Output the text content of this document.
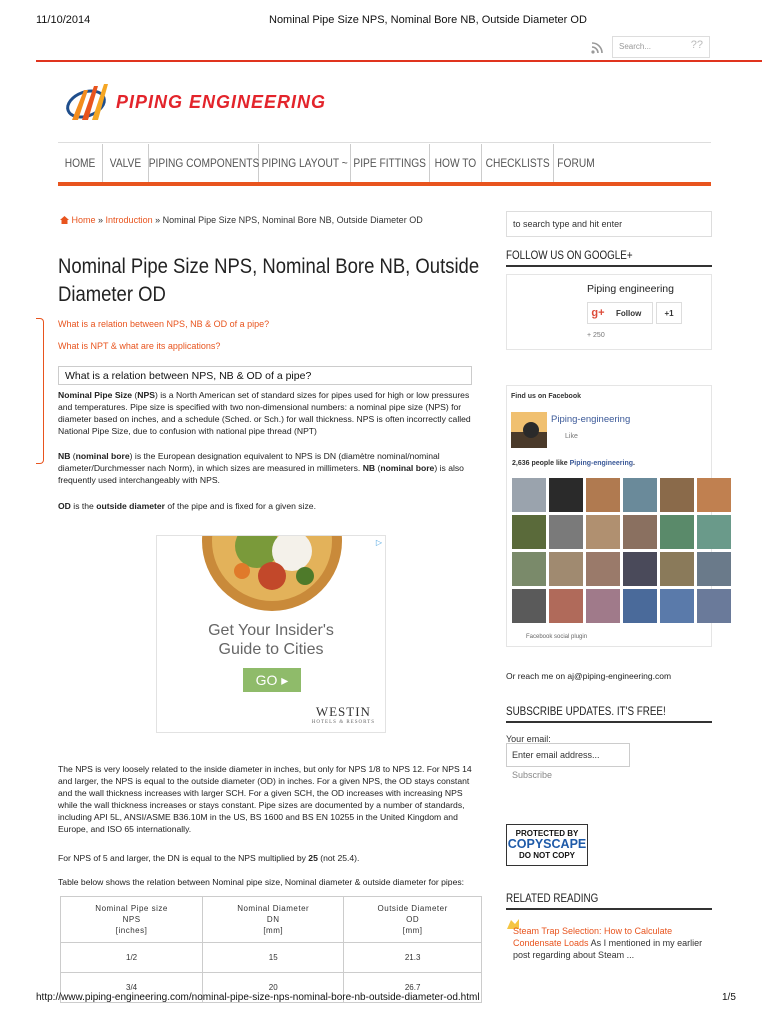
11/10/2014	Nominal Pipe Size NPS, Nominal Bore NB, Outside Diameter OD
Search...	??
PIPING ENGINEERING
HOME VALVE PIPING COMPONENTS PIPING LAYOUT ~ PIPE FITTINGS HOW TO CHECKLISTS FORUM
Home » Introduction » Nominal Pipe Size NPS, Nominal Bore NB, Outside Diameter OD
Nominal Pipe Size NPS, Nominal Bore NB, Outside
Diameter OD
What is a relation between NPS, NB & OD of a pipe?
What is NPT & what are its applications?
What is a relation between NPS, NB & OD of a pipe?
Nominal Pipe Size (NPS) is a North American set of standard sizes for pipes used for high or low pressures and temperatures. Pipe size is specified with two non-dimensional numbers: a nominal pipe size (NPS) for diameter based on inches, and a schedule (Sched. or Sch.) for wall thickness. NPS is often incorrectly called National Pipe Size, due to confusion with national pipe thread (NPT)
NB (nominal bore) is the European designation equivalent to NPS is DN (diamètre nominal/nominal diameter/Durchmesser nach Norm), in which sizes are measured in millimeters. NB (nominal bore) is also frequently used interchangeably with NPS.
OD is the outside diameter of the pipe and is fixed for a given size.
▷
Get Your Insider's
Guide to Cities
GO ▸
WESTIN
HOTELS & RESORTS
The NPS is very loosely related to the inside diameter in inches, but only for NPS 1/8 to NPS 12. For NPS 14 and larger, the NPS is equal to the outside diameter (OD) in inches. For a given NPS, the OD stays constant and the wall thickness increases with larger SCH. For a given SCH, the OD increases with increasing NPS while the wall thickness increases or stays constant. Pipe sizes are documented by a number of standards, including API 5L, ANSI/ASME B36.10M in the US, BS 1600 and BS EN 10255 in the United Kingdom and Europe, and ISO 65 internationally.
For NPS of 5 and larger, the DN is equal to the NPS multiplied by 25 (not 25.4).
Table below shows the relation between Nominal pipe size, Nominal diameter & outside diameter for pipes:
Nominal Pipe size
NPS
[inches]	Nominal Diameter
DN
[mm]	Outside Diameter
OD
[mm]
1/2	15	21.3
3/4	20	26.7
to search type and hit enter
FOLLOW US ON GOOGLE+
Piping engineering
g+	Follow	+1
+ 250
Find us on Facebook
Piping-engineering
Like
2,636 people like Piping-engineering.
Facebook social plugin
Or reach me on aj@piping-engineering.com
SUBSCRIBE UPDATES. IT'S FREE!
Your email:
Enter email address...
Subscribe
PROTECTED BY
COPYSCAPE
DO NOT COPY
RELATED READING
Steam Trap Selection: How to Calculate Condensate Loads As I mentioned in my earlier post regarding about Steam ...
http://www.piping-engineering.com/nominal-pipe-size-nps-nominal-bore-nb-outside-diameter-od.html	1/5
